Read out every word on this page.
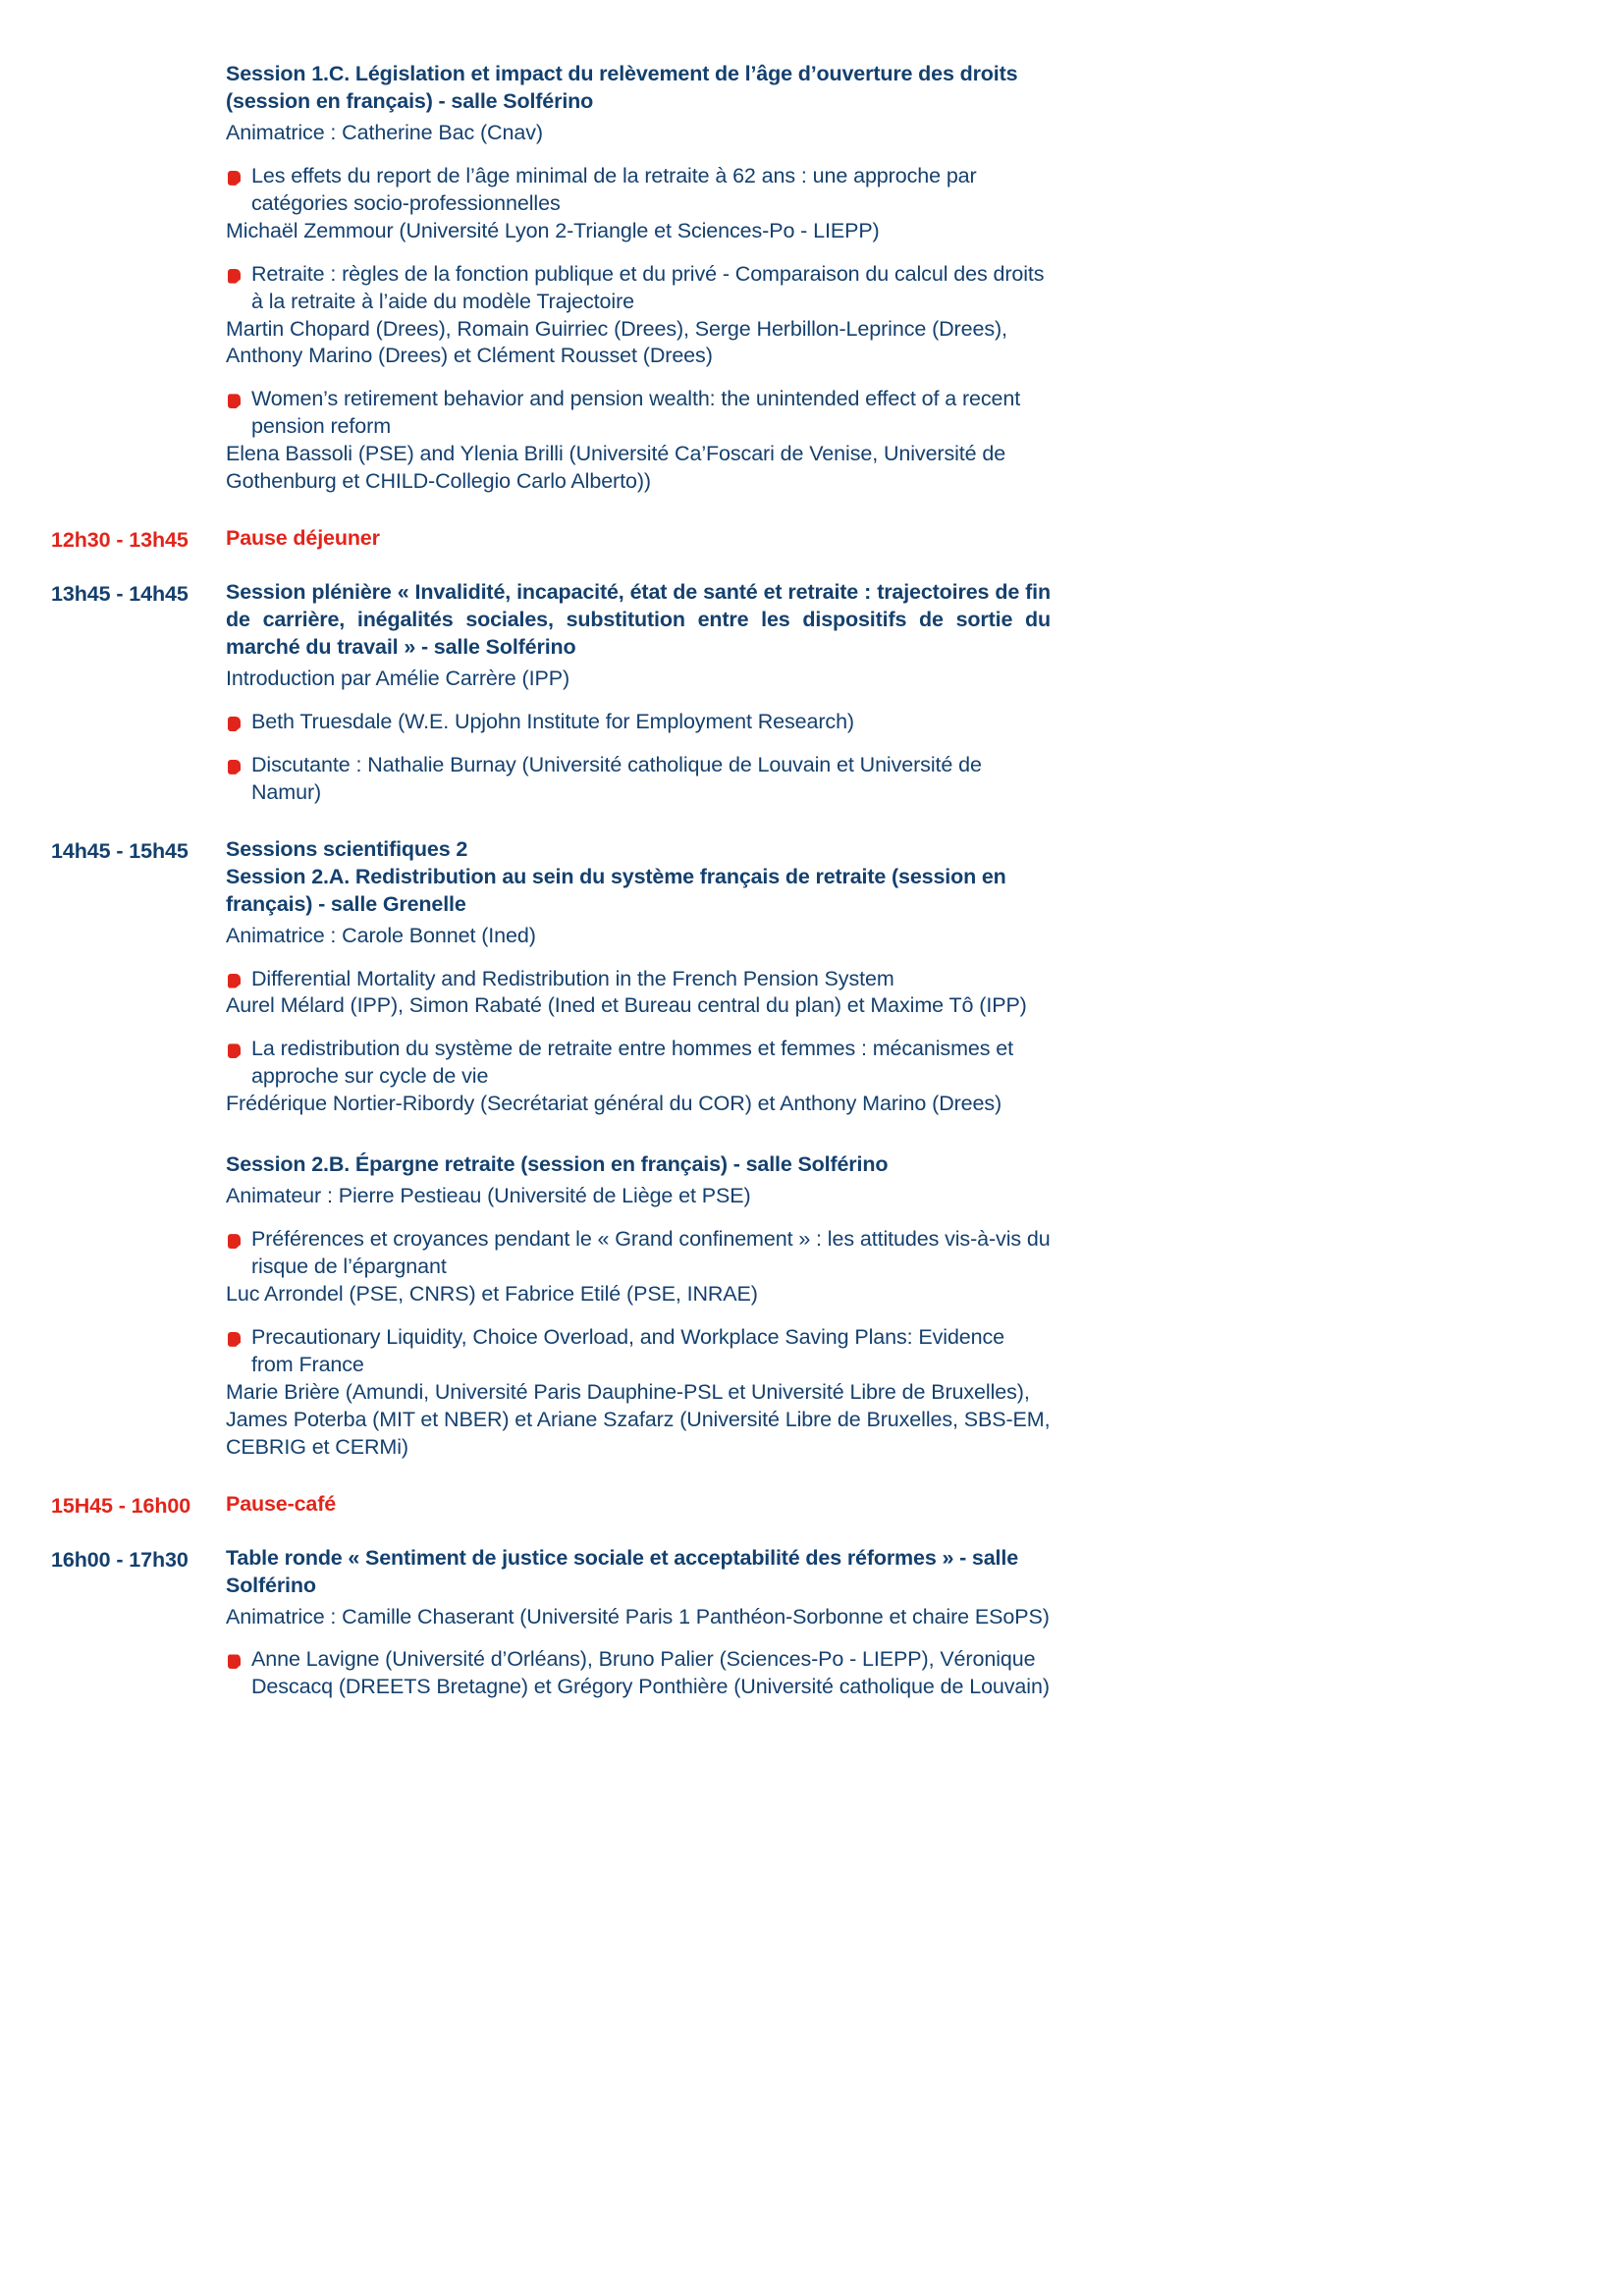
Session 1.C. Législation et impact du relèvement de l’âge d’ouverture des droits (session en français) - salle Solférino
Animatrice : Catherine Bac (Cnav)
Les effets du report de l’âge minimal de la retraite à 62 ans : une approche par catégories socio-professionnelles
Michaël Zemmour (Université Lyon 2-Triangle et Sciences-Po - LIEPP)
Retraite : règles de la fonction publique et du privé - Comparaison du calcul des droits à la retraite à l’aide du modèle Trajectoire
Martin Chopard (Drees), Romain Guirriec (Drees), Serge Herbillon-Leprince (Drees), Anthony Marino (Drees) et Clément Rousset (Drees)
Women’s retirement behavior and pension wealth: the unintended effect of a recent pension reform
Elena Bassoli (PSE) and Ylenia Brilli (Université Ca’Foscari de Venise, Université de Gothenburg et CHILD-Collegio Carlo Alberto))
12h30 - 13h45	Pause déjeuner
13h45 - 14h45	Session plénière « Invalidité, incapacité, état de santé et retraite : trajectoires de fin de carrière, inégalités sociales, substitution entre les dispositifs de sortie du marché du travail » - salle Solférino
Introduction par Amélie Carrère (IPP)
Beth Truesdale (W.E. Upjohn Institute for Employment Research)
Discutante : Nathalie Burnay (Université catholique de Louvain et Université de Namur)
14h45 - 15h45	Sessions scientifiques 2
Session 2.A. Redistribution au sein du système français de retraite (session en français) - salle Grenelle
Animatrice : Carole Bonnet (Ined)
Differential Mortality and Redistribution in the French Pension System
Aurel Mélard (IPP), Simon Rabaté (Ined et Bureau central du plan) et Maxime Tô (IPP)
La redistribution du système de retraite entre hommes et femmes : mécanismes et approche sur cycle de vie
Frédérique Nortier-Ribordy (Secrétariat général du COR) et Anthony Marino (Drees)
Session 2.B. Épargne retraite (session en français) - salle Solférino
Animateur : Pierre Pestieau (Université de Liège et PSE)
Préférences et croyances pendant le « Grand confinement » : les attitudes vis-à-vis du risque de l’épargnant
Luc Arrondel (PSE, CNRS) et Fabrice Etilé (PSE, INRAE)
Precautionary Liquidity, Choice Overload, and Workplace Saving Plans: Evidence from France
Marie Brière (Amundi, Université Paris Dauphine-PSL et Université Libre de Bruxelles), James Poterba (MIT et NBER) et Ariane Szafarz (Université Libre de Bruxelles, SBS-EM, CEBRIG et CERMi)
15H45 - 16h00	Pause-café
16h00 - 17h30	Table ronde « Sentiment de justice sociale et acceptabilité des réformes » - salle Solférino
Animatrice : Camille Chaserant (Université Paris 1 Panthéon-Sorbonne et chaire ESoPS)
Anne Lavigne (Université d’Orléans), Bruno Palier (Sciences-Po - LIEPP), Véronique Descacq (DREETS Bretagne) et Grégory Ponthière (Université catholique de Louvain)
